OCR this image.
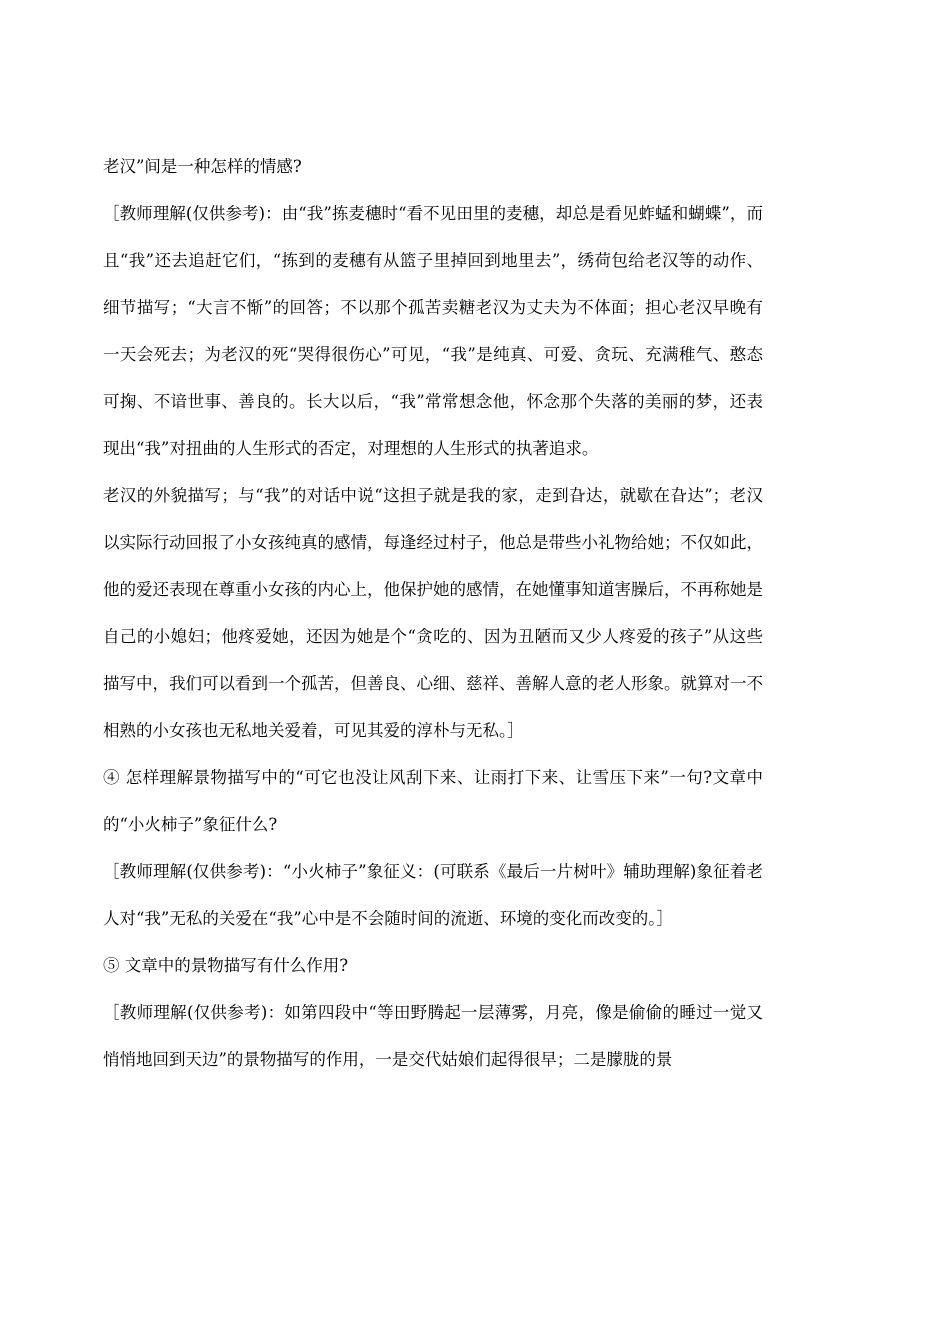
老汉”间是一种怎样的情感?

［教师理解(仅供参考)：由“我”拣麦穗时“看不见田里的麦穗，却总是看见蚱蜢和蝴蝶”，而且“我”还去追赶它们，“拣到的麦穗有从篮子里掉回到地里去”，绣荷包给老汉等的动作、细节描写；“大言不惭”的回答；不以那个孤苦卖糖老汉为丈夫为不体面；担心老汉早晚有一天会死去；为老汉的死“哭得很伤心”可见，“我”是纯真、可爱、贪玩、充满稚气、憨态可掬、不谙世事、善良的。长大以后，“我”常常想念他，怀念那个失落的美丽的梦，还表现出“我”对扭曲的人生形式的否定，对理想的人生形式的执著追求。

老汉的外貌描写；与“我”的对话中说“这担子就是我的家，走到旮达，就歇在旮达”；老汉以实际行动回报了小女孩纯真的感情，每逢经过村子，他总是带些小礼物给她；不仅如此，他的爱还表现在尊重小女孩的内心上，他保护她的感情，在她懂事知道害臊后，不再称她是自己的小媳妇；他疼爱她，还因为她是个“贪吃的、因为丑陋而又少人疼爱的孩子”从这些描写中，我们可以看到一个孤苦，但善良、心细、慈祥、善解人意的老人形象。就算对一不相熟的小女孩也无私地关爱着，可见其爱的淳朴与无私。］

④ 怎样理解景物描写中的“可它也没让风刮下来、让雨打下来、让雪压下来”一句?文章中的“小火柿子”象征什么?

［教师理解(仅供参考)：“小火柿子”象征义：(可联系《最后一片树叶》辅助理解)象征着老人对“我”无私的关爱在“我”心中是不会随时间的流逝、环境的变化而改变的。］

⑤ 文章中的景物描写有什么作用?

［教师理解(仅供参考)：如第四段中“等田野腾起一层薄雾，月亮，像是偷偷的睡过一觉又悄悄地回到天边”的景物描写的作用，一是交代姑娘们起得很早；二是朦胧的景
